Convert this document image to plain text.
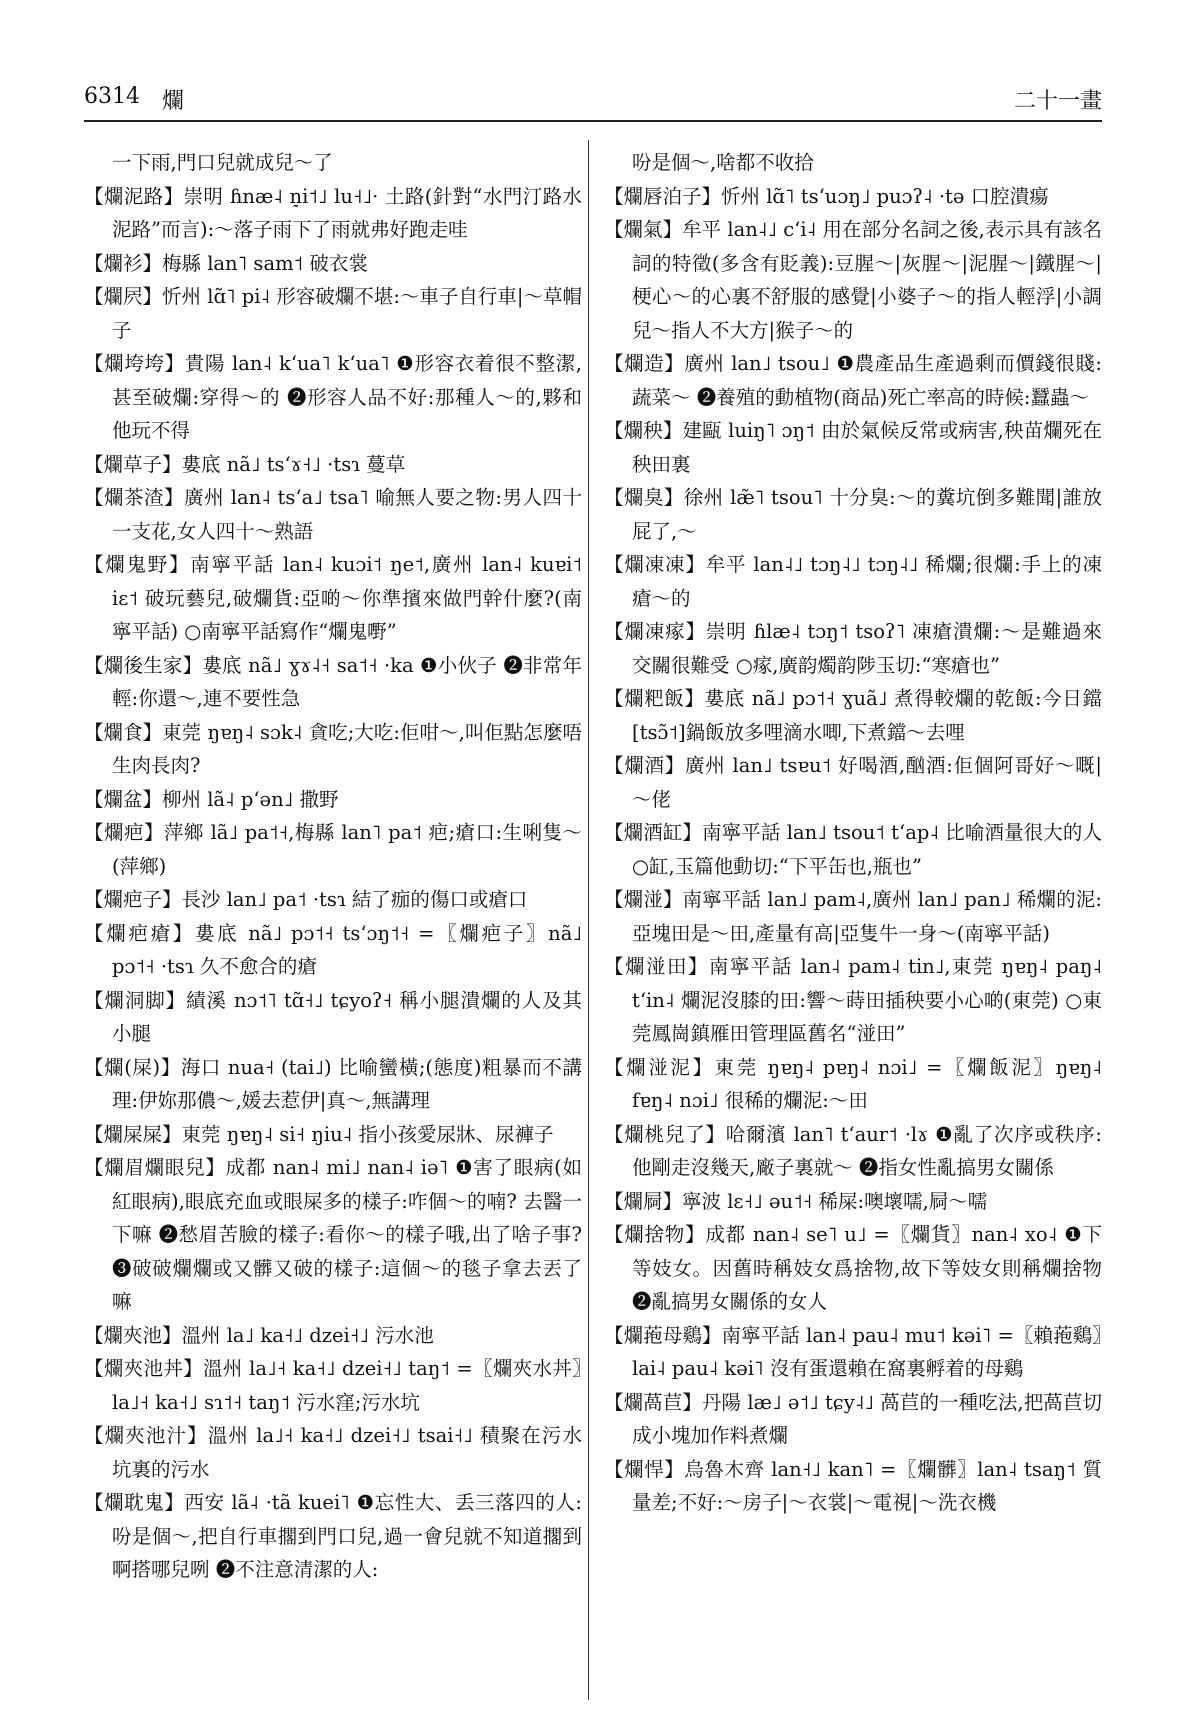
6314 爛	二十一畫

一下雨,門口兒就成兒～了

【爛泥路】崇明 ɦnæ˨ n̠i˦˩ lu˧˩· 土路(針對“水門汀路水泥路”而言):～落子雨下了雨就弗好跑走哇

【爛衫】梅縣 lan˥ sam˦ 破衣裳

【爛屄】忻州 lɑ̃˥ pi˨ 形容破爛不堪:～車子自行車|～草帽子

【爛垮垮】貴陽 lan˨ kʻua˥ kʻua˥ ❶形容衣着很不整潔,甚至破爛:穿得～的 ❷形容人品不好:那種人～的,夥和他玩不得

【爛草子】婁底 nã˩ tsʻɤ˧˩ ·tsɿ 蔓草

【爛茶渣】廣州 lan˨ tsʻa˩ tsa˥ 喻無人要之物:男人四十一支花,女人四十～熟語

【爛鬼野】南寧平話 lan˨ kuɔi˦ ŋe˦,廣州 lan˨ kuɐi˦ iɛ˦ 破玩藝兒,破爛貨:亞啲～你準擯來做門幹什麼?(南寧平話) ○南寧平話寫作“爛鬼嘢”

【爛後生家】婁底 nã˩ ɣɤ˨˧ sa˦˧ ·ka ❶小伙子 ❷非常年輕:你還～,連不要性急

【爛食】東莞 ŋɐŋ˨ sɔk˨ 貪吃;大吃:佢咁～,叫佢點怎麼唔生肉長肉?

【爛盆】柳州 lã˨ pʻən˩ 撒野

【爛疤】萍鄉 lã˩ pa˦˧,梅縣 lan˥ pa˦ 疤;瘡口:生唎隻～(萍鄉)

【爛疤子】長沙 lan˩ pa˦ ·tsɿ 結了痂的傷口或瘡口

【爛疤瘡】婁底 nã˩ pɔ˦˧ tsʻɔŋ˦˧ =〖爛疤子〗nã˩ pɔ˦˧ ·tsɿ 久不愈合的瘡

【爛洞脚】績溪 nɔ˦˥ tɑ̃˧˩ tɕyoʔ˧ 稱小腿潰爛的人及其小腿

【爛(屎)】海口 nua˧ (tai˩) 比喻蠻橫;(態度)粗暴而不講理:伊妳那儂～,媛去惹伊|真～,無講理

【爛屎屎】東莞 ŋɐŋ˨ si˧ ŋiu˨ 指小孩愛尿牀、尿褲子

【爛眉爛眼兒】成都 nan˨ mi˩ nan˨ iə˥ ❶害了眼病(如紅眼病),眼底充血或眼屎多的樣子:咋個～的喃? 去醫一下嘛 ❷愁眉苦臉的樣子:看你～的樣子哦,出了啥子事? ❸破破爛爛或又髒又破的樣子:這個～的毯子拿去丟了嘛

【爛夾池】溫州 la˩ ka˧˩ dzei˧˩ 污水池

【爛夾池丼】溫州 la˩˧ ka˧˩ dzei˧˩ taŋ˦ =〖爛夾水丼〗la˩˧ ka˧˩ sɿ˦˧ taŋ˦ 污水窪;污水坑

【爛夾池汁】溫州 la˩˧ ka˧˩ dzei˧˩ tsai˧˩ 積聚在污水坑裏的污水

【爛耽鬼】西安 lã˨ ·tã kuei˥ ❶忘性大、丢三落四的人:吩是個～,把自行車擱到門口兒,過一會兒就不知道擱到啊搭哪兒咧 ❷不注意清潔的人:

吩是個～,啥都不收拾

【爛唇泊子】忻州 lɑ̃˥ tsʻuɔŋ˩ puɔʔ˨ ·tə 口腔潰瘍

【爛氣】牟平 lan˨˩ cʻi˨ 用在部分名詞之後,表示具有該名詞的特徵(多含有貶義):豆腥～|灰腥～|泥腥～|鐵腥～|梗心～的心裏不舒服的感覺|小婆子～的指人輕浮|小調兒～指人不大方|猴子～的

【爛造】廣州 lan˩ tsou˩ ❶農產品生產過剩而價錢很賤:蔬菜～ ❷養殖的動植物(商品)死亡率高的時候:蠶蟲～

【爛秧】建甌 luiŋ˥ ɔŋ˦ 由於氣候反常或病害,秧苗爛死在秧田裏

【爛臭】徐州 læ̃˥ tsou˥ 十分臭:～的糞坑倒多難聞|誰放屁了,～

【爛凍凍】牟平 lan˨˩ tɔŋ˨˩ tɔŋ˨˩ 稀爛;很爛:手上的凍瘡～的

【爛凍瘃】崇明 ɦlæ˨ tɔŋ˦ tsoʔ˥ 凍瘡潰爛:～是難過來交關很難受 ○瘃,廣韵燭韵陟玉切:“寒瘡也”

【爛粑飯】婁底 nã˩ pɔ˦˧ ɣuã˩ 煮得較爛的乾飯:今日鐺[tsɔ̃˦]鍋飯放多哩滴水唧,下煮鐺～去哩

【爛酒】廣州 lan˩ tsɐu˦ 好喝酒,酗酒:佢個阿哥好～嘅|～佬

【爛酒缸】南寧平話 lan˩ tsou˦ tʻap˨ 比喻酒量很大的人 ○缸,玉篇他動切:“下平缶也,瓶也”

【爛湴】南寧平話 lan˩ pam˨,廣州 lan˩ pan˩ 稀爛的泥:亞塊田是～田,產量有高|亞隻牛一身～(南寧平話)

【爛湴田】南寧平話 lan˨ pam˨ tin˩,東莞 ŋɐŋ˨ paŋ˨ tʻin˨ 爛泥沒膝的田:響～蒔田插秧要小心啲(東莞) ○東莞鳳崗鎮雁田管理區舊名“湴田”

【爛湴泥】東莞 ŋɐŋ˨ pɐŋ˨ nɔi˩ =〖爛飯泥〗ŋɐŋ˨ fɐŋ˨ nɔi˩ 很稀的爛泥:～田

【爛桃兒了】哈爾濱 lan˥ tʻaur˦ ·lɤ ❶亂了次序或秩序:他剛走沒幾天,廠子裏就～ ❷指女性亂搞男女關係

【爛屙】寧波 lɛ˧˩ əu˦˧ 稀屎:噢壞嚅,屙～嚅

【爛捨物】成都 nan˨ se˥ u˩ =〖爛貨〗nan˨ xo˨ ❶下等妓女。因舊時稱妓女爲捨物,故下等妓女則稱爛捨物 ❷亂搞男女關係的女人

【爛菢母鷄】南寧平話 lan˨ pau˨ mu˦ kəi˥ =〖賴菢鷄〗lai˨ pau˨ kəi˥ 沒有蛋還賴在窩裏孵着的母鷄

【爛萵苣】丹陽 læ˩ ə˦˩ tɕy˨˩ 萵苣的一種吃法,把萵苣切成小塊加作料煮爛

【爛悍】烏魯木齊 lan˧˩ kan˥ =〖爛髒〗lan˨ tsaŋ˦ 質量差;不好:～房子|～衣裳|～電視|～洗衣機
